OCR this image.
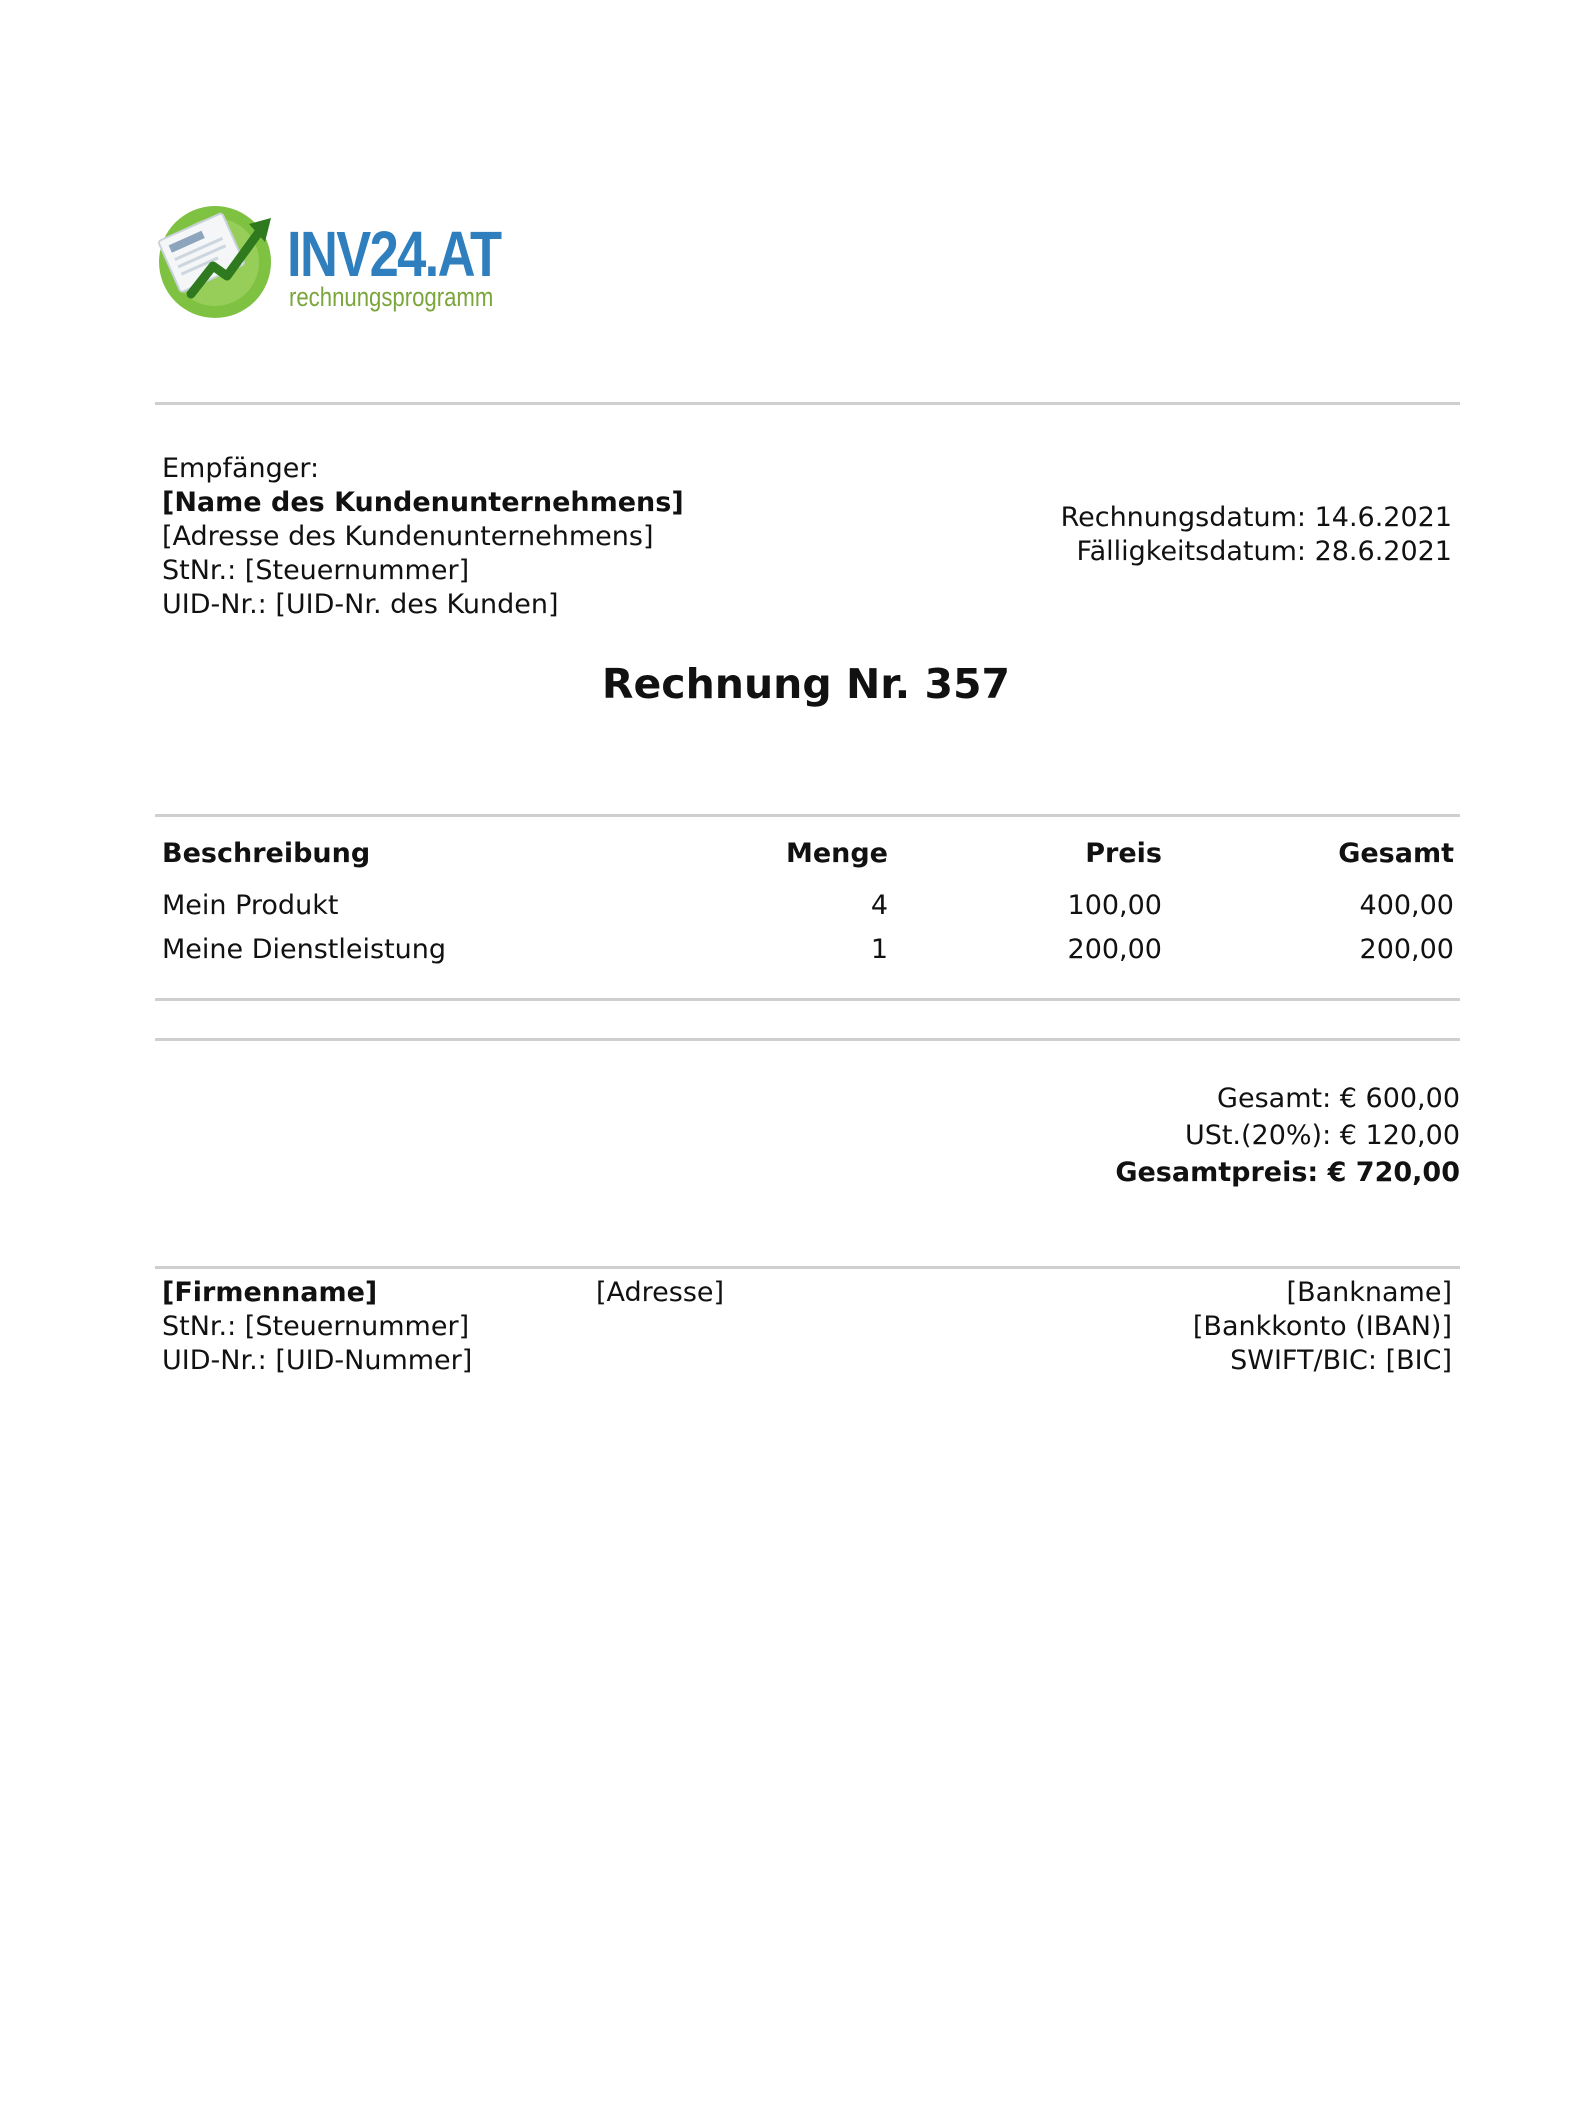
INV24.AT
rechnungsprogramm
Empfänger:
[Name des Kundenunternehmens]
[Adresse des Kundenunternehmens]
StNr.: [Steuernummer]
UID-Nr.: [UID-Nr. des Kunden]
Rechnungsdatum: 14.6.2021
Fälligkeitsdatum: 28.6.2021
Rechnung Nr. 357
Beschreibung	Menge	Preis	Gesamt
Mein Produkt	4	100,00	400,00
Meine Dienstleistung	1	200,00	200,00
Gesamt: € 600,00
USt.(20%): € 120,00
Gesamtpreis: € 720,00
[Firmenname]
StNr.: [Steuernummer]
UID-Nr.: [UID-Nummer]
[Adresse]	[Bankname]
[Bankkonto (IBAN)]
SWIFT/BIC: [BIC]
